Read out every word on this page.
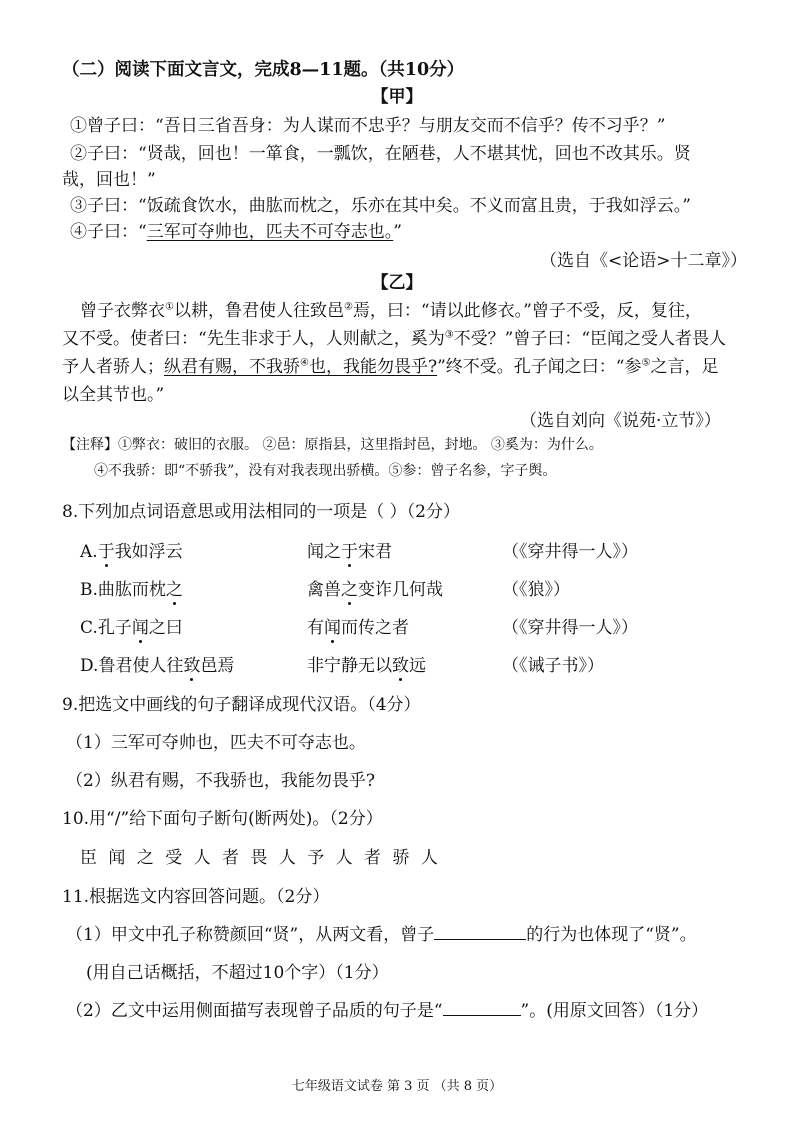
（二）阅读下面文言文，完成8—11题。（共10分）
【甲】
①曾子曰：“吾日三省吾身：为人谋而不忠乎？与朋友交而不信乎？传不习乎？”
②子曰：“贤哉，回也！一箪食，一瓢饮，在陋巷，人不堪其忧，回也不改其乐。贤
哉，回也！”
③子曰：“饭疏食饮水，曲肱而枕之，乐亦在其中矣。不义而富且贵，于我如浮云。”
④子曰：“三军可夺帅也，匹夫不可夺志也。”
（选自《<论语>十二章》）
【乙】
曾子衣弊衣①以耕，鲁君使人往致邑②焉，曰：“请以此修衣。”曾子不受，反，复往，
又不受。使者曰：“先生非求于人，人则献之，奚为③不受？”曾子曰：“臣闻之受人者畏人
予人者骄人；纵君有赐，不我骄④也，我能勿畏乎?”终不受。孔子闻之曰：“参⑤之言，足
以全其节也。”
（选自刘向《说苑·立节》）
【注释】①弊衣：破旧的衣服。 ②邑：原指县，这里指封邑，封地。 ③奚为：为什么。
④不我骄：即“不骄我”，没有对我表现出骄横。⑤参：曾子名参，字子舆。
8.下列加点词语意思或用法相同的一项是（ ）（2分）
A.于我如浮云	闻之于宋君	（《穿井得一人》）
B.曲肱而枕之	禽兽之变诈几何哉	（《狼》）
C.孔子闻之曰	有闻而传之者	（《穿井得一人》）
D.鲁君使人往致邑焉	非宁静无以致远	（《诫子书》）
9.把选文中画线的句子翻译成现代汉语。（4分）
（1）三军可夺帅也，匹夫不可夺志也。
（2）纵君有赐，不我骄也，我能勿畏乎?
10.用“/”给下面句子断句(断两处)。（2分）
臣 闻 之 受 人 者 畏 人 予 人 者 骄 人
11.根据选文内容回答问题。（2分）
（1）甲文中孔子称赞颜回“贤”，从两文看，曾子	的行为也体现了“贤”。
(用自己话概括，不超过10个字）（1分）
（2）乙文中运用侧面描写表现曾子品质的句子是“	”。(用原文回答）（1分）
七年级语文试卷 第 3 页 （共 8 页）
